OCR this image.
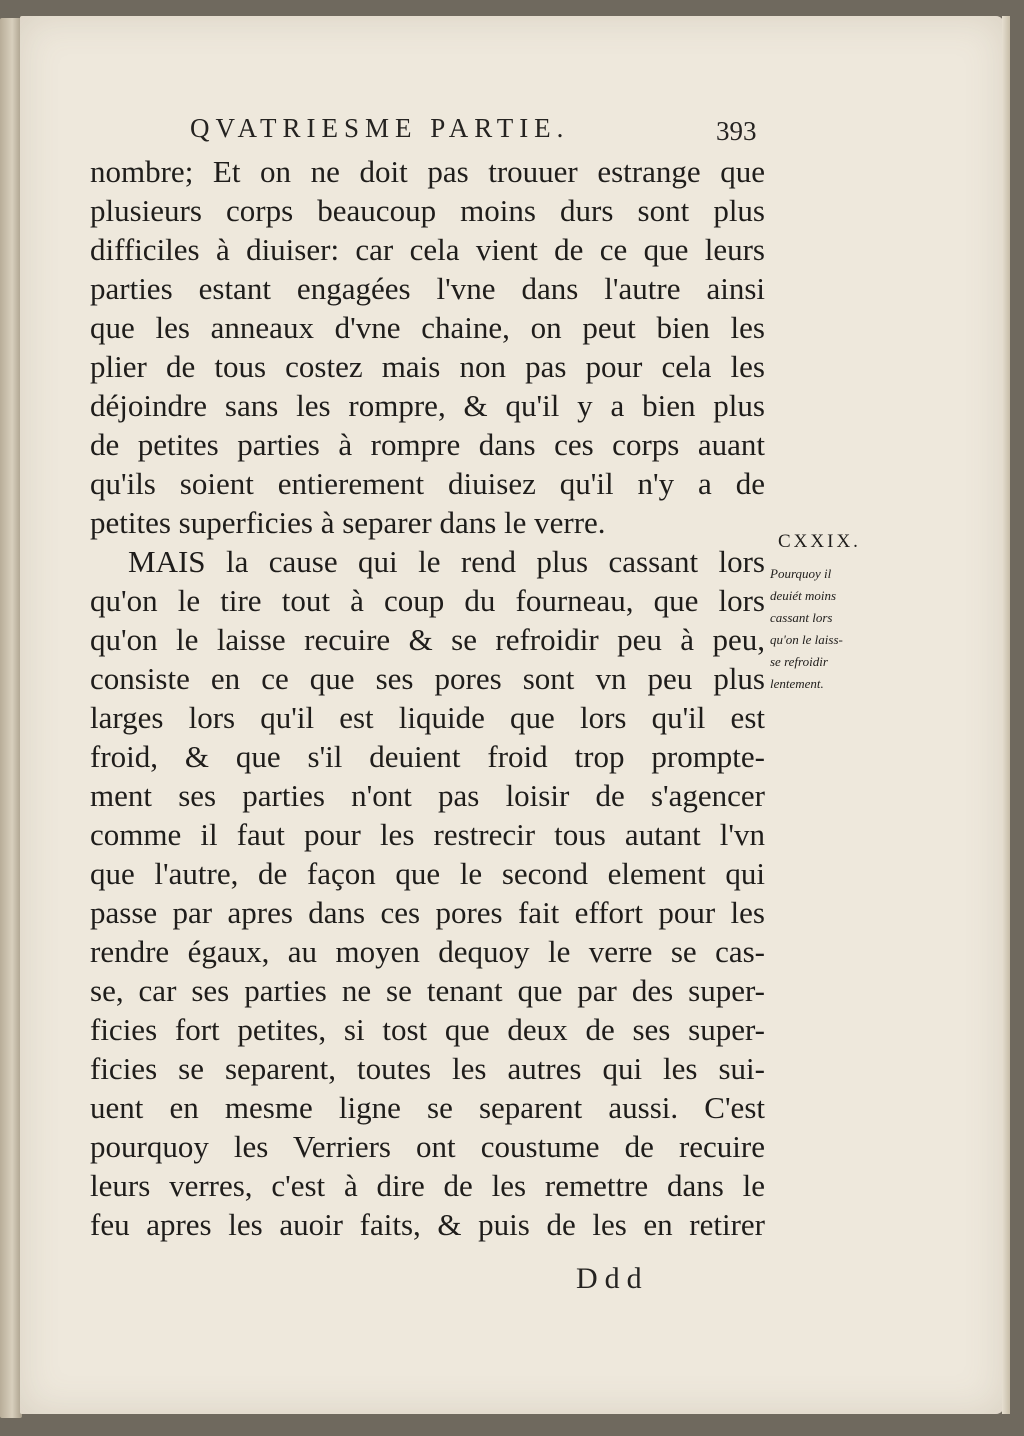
QVATRIESME PARTIE.	393
nombre; Et on ne doit pas trouuer estrange que
plusieurs corps beaucoup moins durs sont plus
difficiles à diuiser: car cela vient de ce que leurs
parties estant engagées l'vne dans l'autre ainsi
que les anneaux d'vne chaine, on peut bien les
plier de tous costez mais non pas pour cela les
déjoindre sans les rompre, & qu'il y a bien plus
de petites parties à rompre dans ces corps auant
qu'ils soient entierement diuisez qu'il n'y a de
petites superficies à separer dans le verre.
MAIS la cause qui le rend plus cassant lors
qu'on le tire tout à coup du fourneau, que lors
qu'on le laisse recuire & se refroidir peu à peu,
consiste en ce que ses pores sont vn peu plus
larges lors qu'il est liquide que lors qu'il est
froid, & que s'il deuient froid trop prompte-
ment ses parties n'ont pas loisir de s'agencer
comme il faut pour les restrecir tous autant l'vn
que l'autre, de façon que le second element qui
passe par apres dans ces pores fait effort pour les
rendre égaux, au moyen dequoy le verre se cas-
se, car ses parties ne se tenant que par des super-
ficies fort petites, si tost que deux de ses super-
ficies se separent, toutes les autres qui les sui-
uent en mesme ligne se separent aussi. C'est
pourquoy les Verriers ont coustume de recuire
leurs verres, c'est à dire de les remettre dans le
feu apres les auoir faits, & puis de les en retirer
CXXIX.
Pourquoy il
deuiét moins
cassant lors
qu'on le laiss-
se refroidir
lentement.
Ddd
